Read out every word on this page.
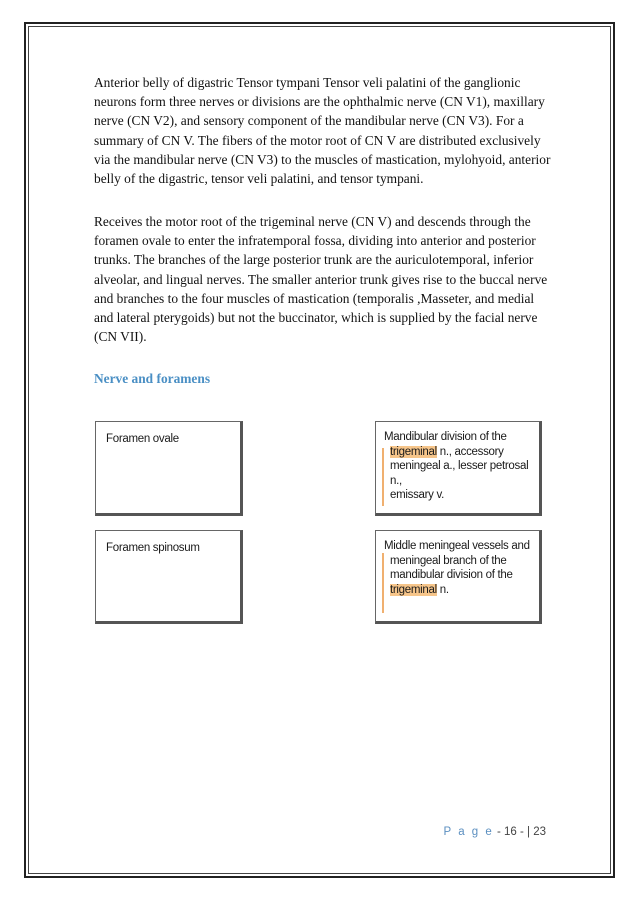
Anterior belly of digastric Tensor tympani Tensor veli palatini of the ganglionic neurons form three nerves or divisions are the ophthalmic nerve (CN V1), maxillary nerve (CN V2), and sensory component of the mandibular nerve (CN V3). For a summary of CN V. The fibers of the motor root of CN V are distributed exclusively via the mandibular nerve (CN V3) to the muscles of mastication, mylohyoid, anterior belly of the digastric, tensor veli palatini, and tensor tympani.

Receives the motor root of the trigeminal nerve (CN V) and descends through the foramen ovale to enter the infratemporal fossa, dividing into anterior and posterior trunks. The branches of the large posterior trunk are the auriculotemporal, inferior alveolar, and lingual nerves. The smaller anterior trunk gives rise to the buccal nerve and branches to the four muscles of mastication (temporalis ,Masseter, and medial and lateral pterygoids) but not the buccinator, which is supplied by the facial nerve (CN VII).

Nerve and foramens

Foramen ovale	Mandibular division of the

trigeminal n., accessory
meningeal a., lesser petrosal n.,
emissary v.
Foramen spinosum	Middle meningeal vessels and

meningeal branch of the
mandibular division of the
trigeminal n.

P a g e - 16 - | 23
